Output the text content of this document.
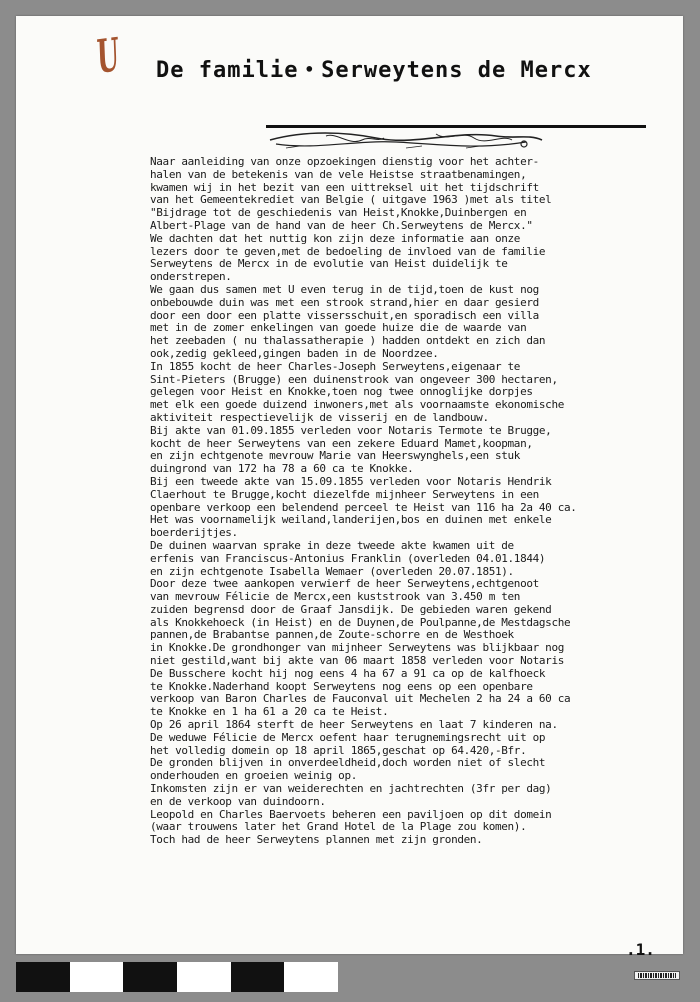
U De familie • Serweytens de Mercx
Naar aanleiding van onze opzoekingen dienstig voor het achter-
halen van de betekenis van de vele Heistse straatbenamingen,
kwamen wij in het bezit van een uittreksel uit het tijdschrift
van het Gemeentekrediet van Belgie ( uitgave 1963 )met als titel
"Bijdrage tot de geschiedenis van Heist,Knokke,Duinbergen en
Albert-Plage van de hand van de heer Ch.Serweytens de Mercx."
We dachten dat het nuttig kon zijn deze informatie aan onze
lezers door te geven,met de bedoeling de invloed van de familie
Serweytens de Mercx in de evolutie van Heist duidelijk te
onderstrepen.
We gaan dus samen met U even terug in de tijd,toen de kust nog
onbebouwde duin was met een strook strand,hier en daar gesierd
door een door een platte vissersschuit,en sporadisch een villa
met in de zomer enkelingen van goede huize die de waarde van
het zeebaden ( nu thalassatherapie ) hadden ontdekt en zich dan
ook,zedig gekleed,gingen baden in de Noordzee.
In 1855 kocht de heer Charles-Joseph Serweytens,eigenaar te
Sint-Pieters (Brugge) een duinenstrook van ongeveer 300 hectaren,
gelegen voor Heist en Knokke,toen nog twee onnoglijke dorpjes
met elk een goede duizend inwoners,met als voornaamste ekonomische
aktiviteit respectievelijk de visserij en de landbouw.
Bij akte van 01.09.1855 verleden voor Notaris Termote te Brugge,
kocht de heer Serweytens van een zekere Eduard Mamet,koopman,
en zijn echtgenote mevrouw Marie van Heerswynghels,een stuk
duingrond van 172 ha 78 a 60 ca te Knokke.
Bij een tweede akte van 15.09.1855 verleden voor Notaris Hendrik
Claerhout te Brugge,kocht diezelfde mijnheer Serweytens in een
openbare verkoop een belendend perceel te Heist van 116 ha 2a 40 ca.
Het was voornamelijk weiland,landerijen,bos en duinen met enkele
boerderijtjes.
De duinen waarvan sprake in deze tweede akte kwamen uit de
erfenis van Franciscus-Antonius Franklin (overleden 04.01.1844)
en zijn echtgenote Isabella Wemaer (overleden 20.07.1851).
Door deze twee aankopen verwierf de heer Serweytens,echtgenoot
van mevrouw Félicie de Mercx,een kuststrook van 3.450 m ten
zuiden begrensd door de Graaf Jansdijk. De gebieden waren gekend
als Knokkehoeck (in Heist) en de Duynen,de Poulpanne,de Mestdagsche
pannen,de Brabantse pannen,de Zoute-schorre en de Westhoek
in Knokke.De grondhonger van mijnheer Serweytens was blijkbaar nog
niet gestild,want bij akte van 06 maart 1858 verleden voor Notaris
De Busschere kocht hij nog eens 4 ha 67 a 91 ca op de kalfhoeck
te Knokke.Naderhand koopt Serweytens nog eens op een openbare
verkoop van Baron Charles de Fauconval uit Mechelen 2 ha 24 a 60 ca
te Knokke en 1 ha 61 a 20 ca te Heist.
Op 26 april 1864 sterft de heer Serweytens en laat 7 kinderen na.
De weduwe Félicie de Mercx oefent haar terugnemingsrecht uit op
het volledig domein op 18 april 1865,geschat op 64.420,-Bfr.
De gronden blijven in onverdeeldheid,doch worden niet of slecht
onderhouden en groeien weinig op.
Inkomsten zijn er van weiderechten en jachtrechten (3fr per dag)
en de verkoop van duindoorn.
Leopold en Charles Baervoets beheren een paviljoen op dit domein
(waar trouwens later het Grand Hotel de la Plage zou komen).
Toch had de heer Serweytens plannen met zijn gronden.
.1.
